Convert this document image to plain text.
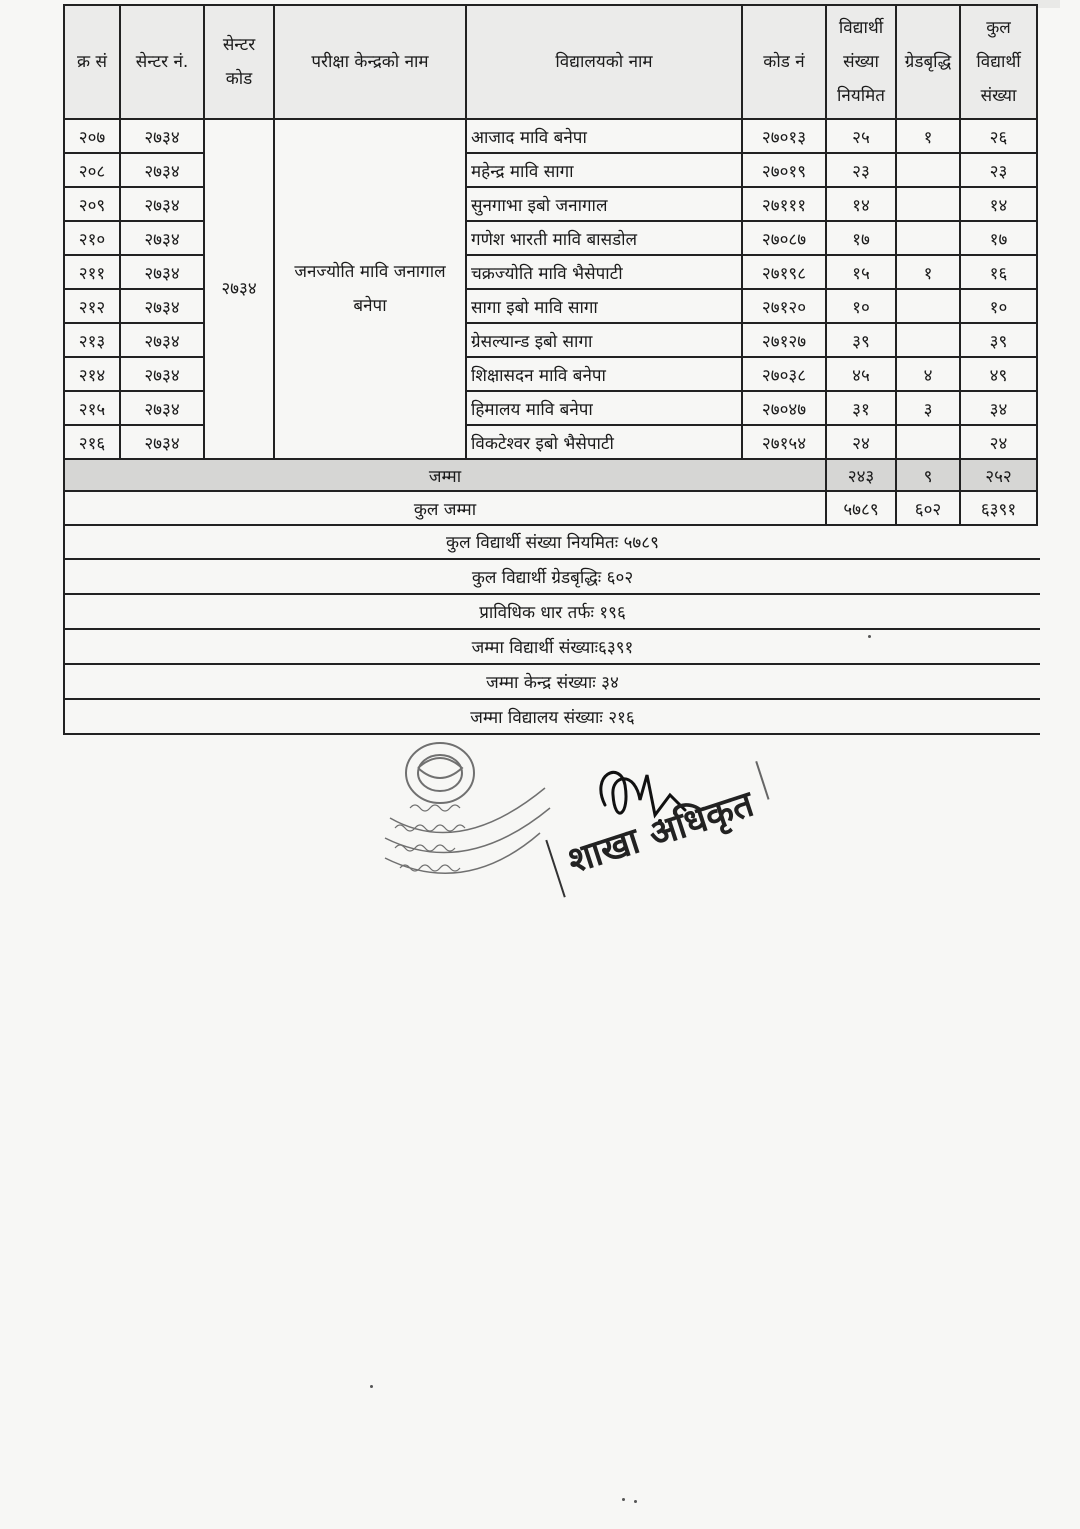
क्र सं	सेन्टर नं.	सेन्टर कोड	परीक्षा केन्द्रको नाम	विद्यालयको नाम	कोड नं	विद्यार्थी संख्या नियमित	ग्रेडबृद्धि	कुल विद्यार्थी संख्या
२०७	२७३४	२७३४	जनज्योति मावि जनागाल बनेपा	आजाद मावि बनेपा	२७०१३	२५	१	२६
२०८	२७३४			महेन्द्र मावि सागा	२७०१९	२३		२३
२०९	२७३४			सुनगाभा इबो जनागाल	२७१११	१४		१४
२१०	२७३४			गणेश भारती मावि बासडोल	२७०८७	१७		१७
२११	२७३४			चक्रज्योति मावि भैसेपाटी	२७१९८	१५	१	१६
२१२	२७३४			सागा इबो मावि सागा	२७१२०	१०		१०
२१३	२७३४			ग्रेसल्यान्ड इबो सागा	२७१२७	३९		३९
२१४	२७३४			शिक्षासदन मावि बनेपा	२७०३८	४५	४	४९
२१५	२७३४			हिमालय मावि बनेपा	२७०४७	३१	३	३४
२१६	२७३४			विकटेश्वर इबो भैसेपाटी	२७१५४	२४		२४
जम्मा						२४३	९	२५२
कुल जम्मा						५७८९	६०२	६३९१
कुल विद्यार्थी संख्या नियमितः ५७८९
कुल विद्यार्थी ग्रेडबृद्धिः ६०२
प्राविधिक धार तर्फः १९६
जम्मा विद्यार्थी संख्याः६३९१
जम्मा केन्द्र संख्याः ३४
जम्मा विद्यालय संख्याः २१६
शाखा अधिकृत
